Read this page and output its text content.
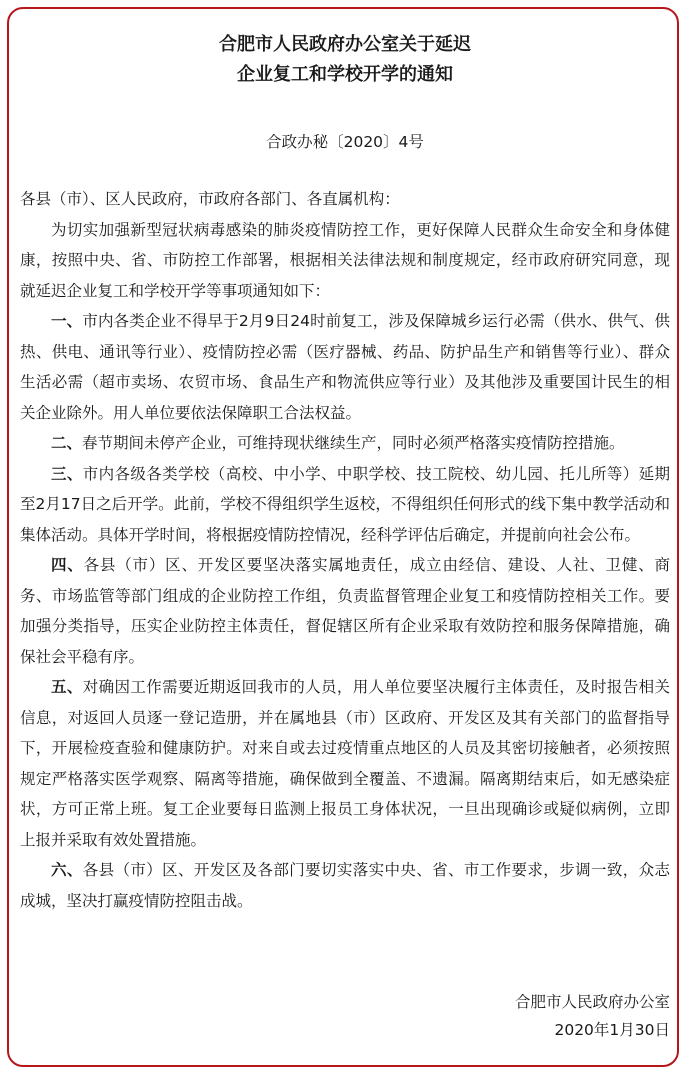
合肥市人民政府办公室关于延迟
企业复工和学校开学的通知
合政办秘〔2020〕4号

各县（市）、区人民政府，市政府各部门、各直属机构：

为切实加强新型冠状病毒感染的肺炎疫情防控工作，更好保障人民群众生命安全和身体健康，按照中央、省、市防控工作部署，根据相关法律法规和制度规定，经市政府研究同意，现就延迟企业复工和学校开学等事项通知如下：

一、市内各类企业不得早于2月9日24时前复工，涉及保障城乡运行必需（供水、供气、供热、供电、通讯等行业）、疫情防控必需（医疗器械、药品、防护品生产和销售等行业）、群众生活必需（超市卖场、农贸市场、食品生产和物流供应等行业）及其他涉及重要国计民生的相关企业除外。用人单位要依法保障职工合法权益。

二、春节期间未停产企业，可维持现状继续生产，同时必须严格落实疫情防控措施。

三、市内各级各类学校（高校、中小学、中职学校、技工院校、幼儿园、托儿所等）延期至2月17日之后开学。此前，学校不得组织学生返校，不得组织任何形式的线下集中教学活动和集体活动。具体开学时间，将根据疫情防控情况，经科学评估后确定，并提前向社会公布。

四、各县（市）区、开发区要坚决落实属地责任，成立由经信、建设、人社、卫健、商务、市场监管等部门组成的企业防控工作组，负责监督管理企业复工和疫情防控相关工作。要加强分类指导，压实企业防控主体责任，督促辖区所有企业采取有效防控和服务保障措施，确保社会平稳有序。

五、对确因工作需要近期返回我市的人员，用人单位要坚决履行主体责任，及时报告相关信息，对返回人员逐一登记造册，并在属地县（市）区政府、开发区及其有关部门的监督指导下，开展检疫查验和健康防护。对来自或去过疫情重点地区的人员及其密切接触者，必须按照规定严格落实医学观察、隔离等措施，确保做到全覆盖、不遗漏。隔离期结束后，如无感染症状，方可正常上班。复工企业要每日监测上报员工身体状况，一旦出现确诊或疑似病例，立即上报并采取有效处置措施。

六、各县（市）区、开发区及各部门要切实落实中央、省、市工作要求，步调一致，众志成城，坚决打赢疫情防控阻击战。

合肥市人民政府办公室
2020年1月30日
